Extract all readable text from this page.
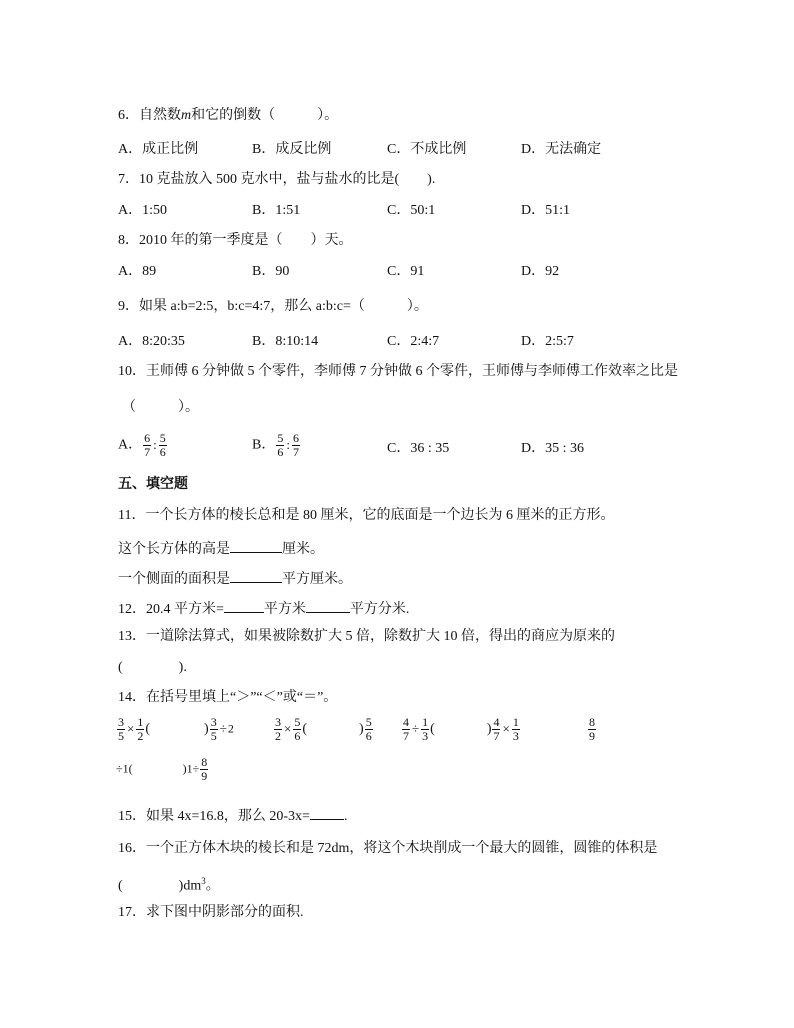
6．自然数m和它的倒数（　　　）。
A．成正比例	B．成反比例	C．不成比例	D．无法确定
7．10 克盐放入 500 克水中，盐与盐水的比是(　　).
A．1:50	B．1:51	C．50:1	D．51:1
8．2010 年的第一季度是（　　）天。
A．89	B．90	C．91	D．92
9．如果 a:b=2:5，b:c=4:7，那么 a:b:c=（　　　）。
A．8:20:35	B．8:10:14	C．2:4:7	D．2:5:7
10．王师傅 6 分钟做 5 个零件，李师傅 7 分钟做 6 个零件，王师傅与李师傅工作效率之比是
（　　　）。
A． $\frac{6}{7}$ : $\frac{5}{6}$	B． $\frac{5}{6}$ : $\frac{6}{7}$	C．36 : 35	D．35 : 36
五、填空题
11．一个长方体的棱长总和是 80 厘米，它的底面是一个边长为 6 厘米的正方形。
这个长方体的高是	厘米。
一个侧面的面积是	平方厘米。
12．20.4 平方米=	平方米	平方分米.
13．一道除法算式，如果被除数扩大 5 倍，除数扩大 10 倍，得出的商应为原来的
(　　　　).
14．在括号里填上“＞”“＜”或“＝”。
$\frac{3}{5} \times \frac{1}{2}$ (	) $\frac{3}{5} \div 2$	$\frac{3}{2} \times \frac{5}{6}$ (	) $\frac{5}{6} \frac{4}{7} \div \frac{1}{3}$ (	) $\frac{4}{7} \times \frac{1}{3}$	$\frac{8}{9}$
÷1(	)$1\div \frac{8}{9}$
15．如果 4x=16.8，那么 20-3x= .
16．一个正方体木块的棱长和是 72dm，将这个木块削成一个最大的圆锥，圆锥的体积是
(　　　　)$dm^3$。
17．求下图中阴影部分的面积.
